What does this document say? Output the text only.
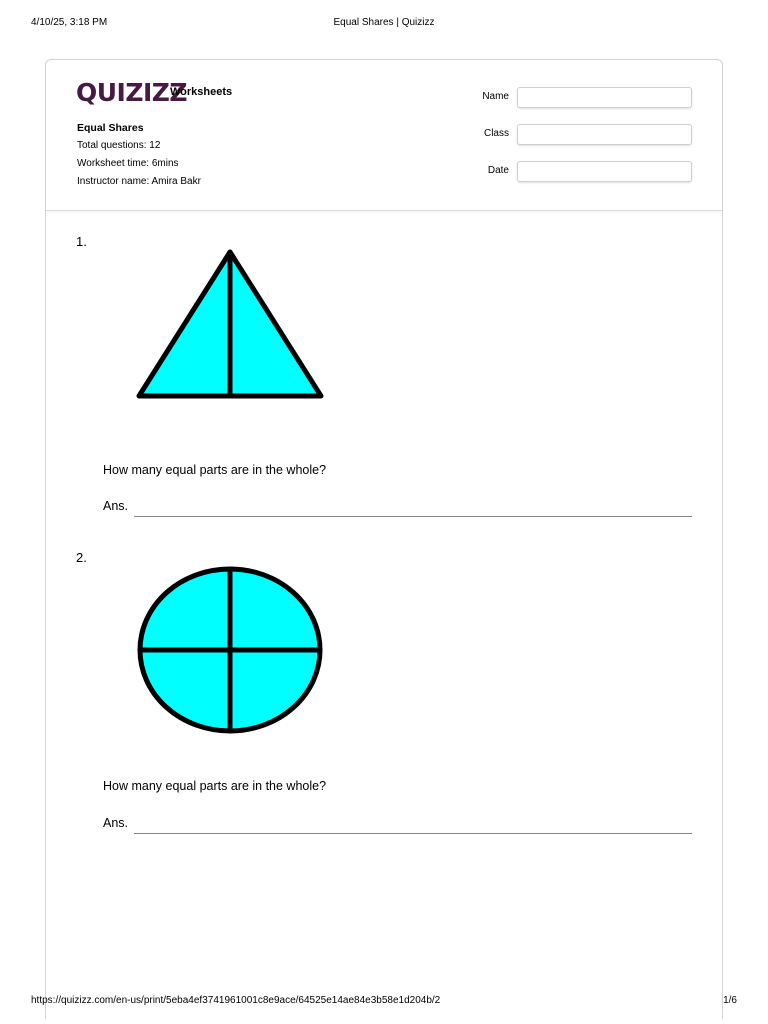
4/10/25, 3:18 PM	Equal Shares | Quizizz
QUIZIZZ
Worksheets
Equal Shares
Total questions: 12
Worksheet time: 6mins
Instructor name: Amira Bakr
Name
Class
Date
1.
How many equal parts are in the whole?
Ans.
2.
How many equal parts are in the whole?
Ans.
https://quizizz.com/en-us/print/5eba4ef3741961001c8e9ace/64525e14ae84e3b58e1d204b/2	1/6
